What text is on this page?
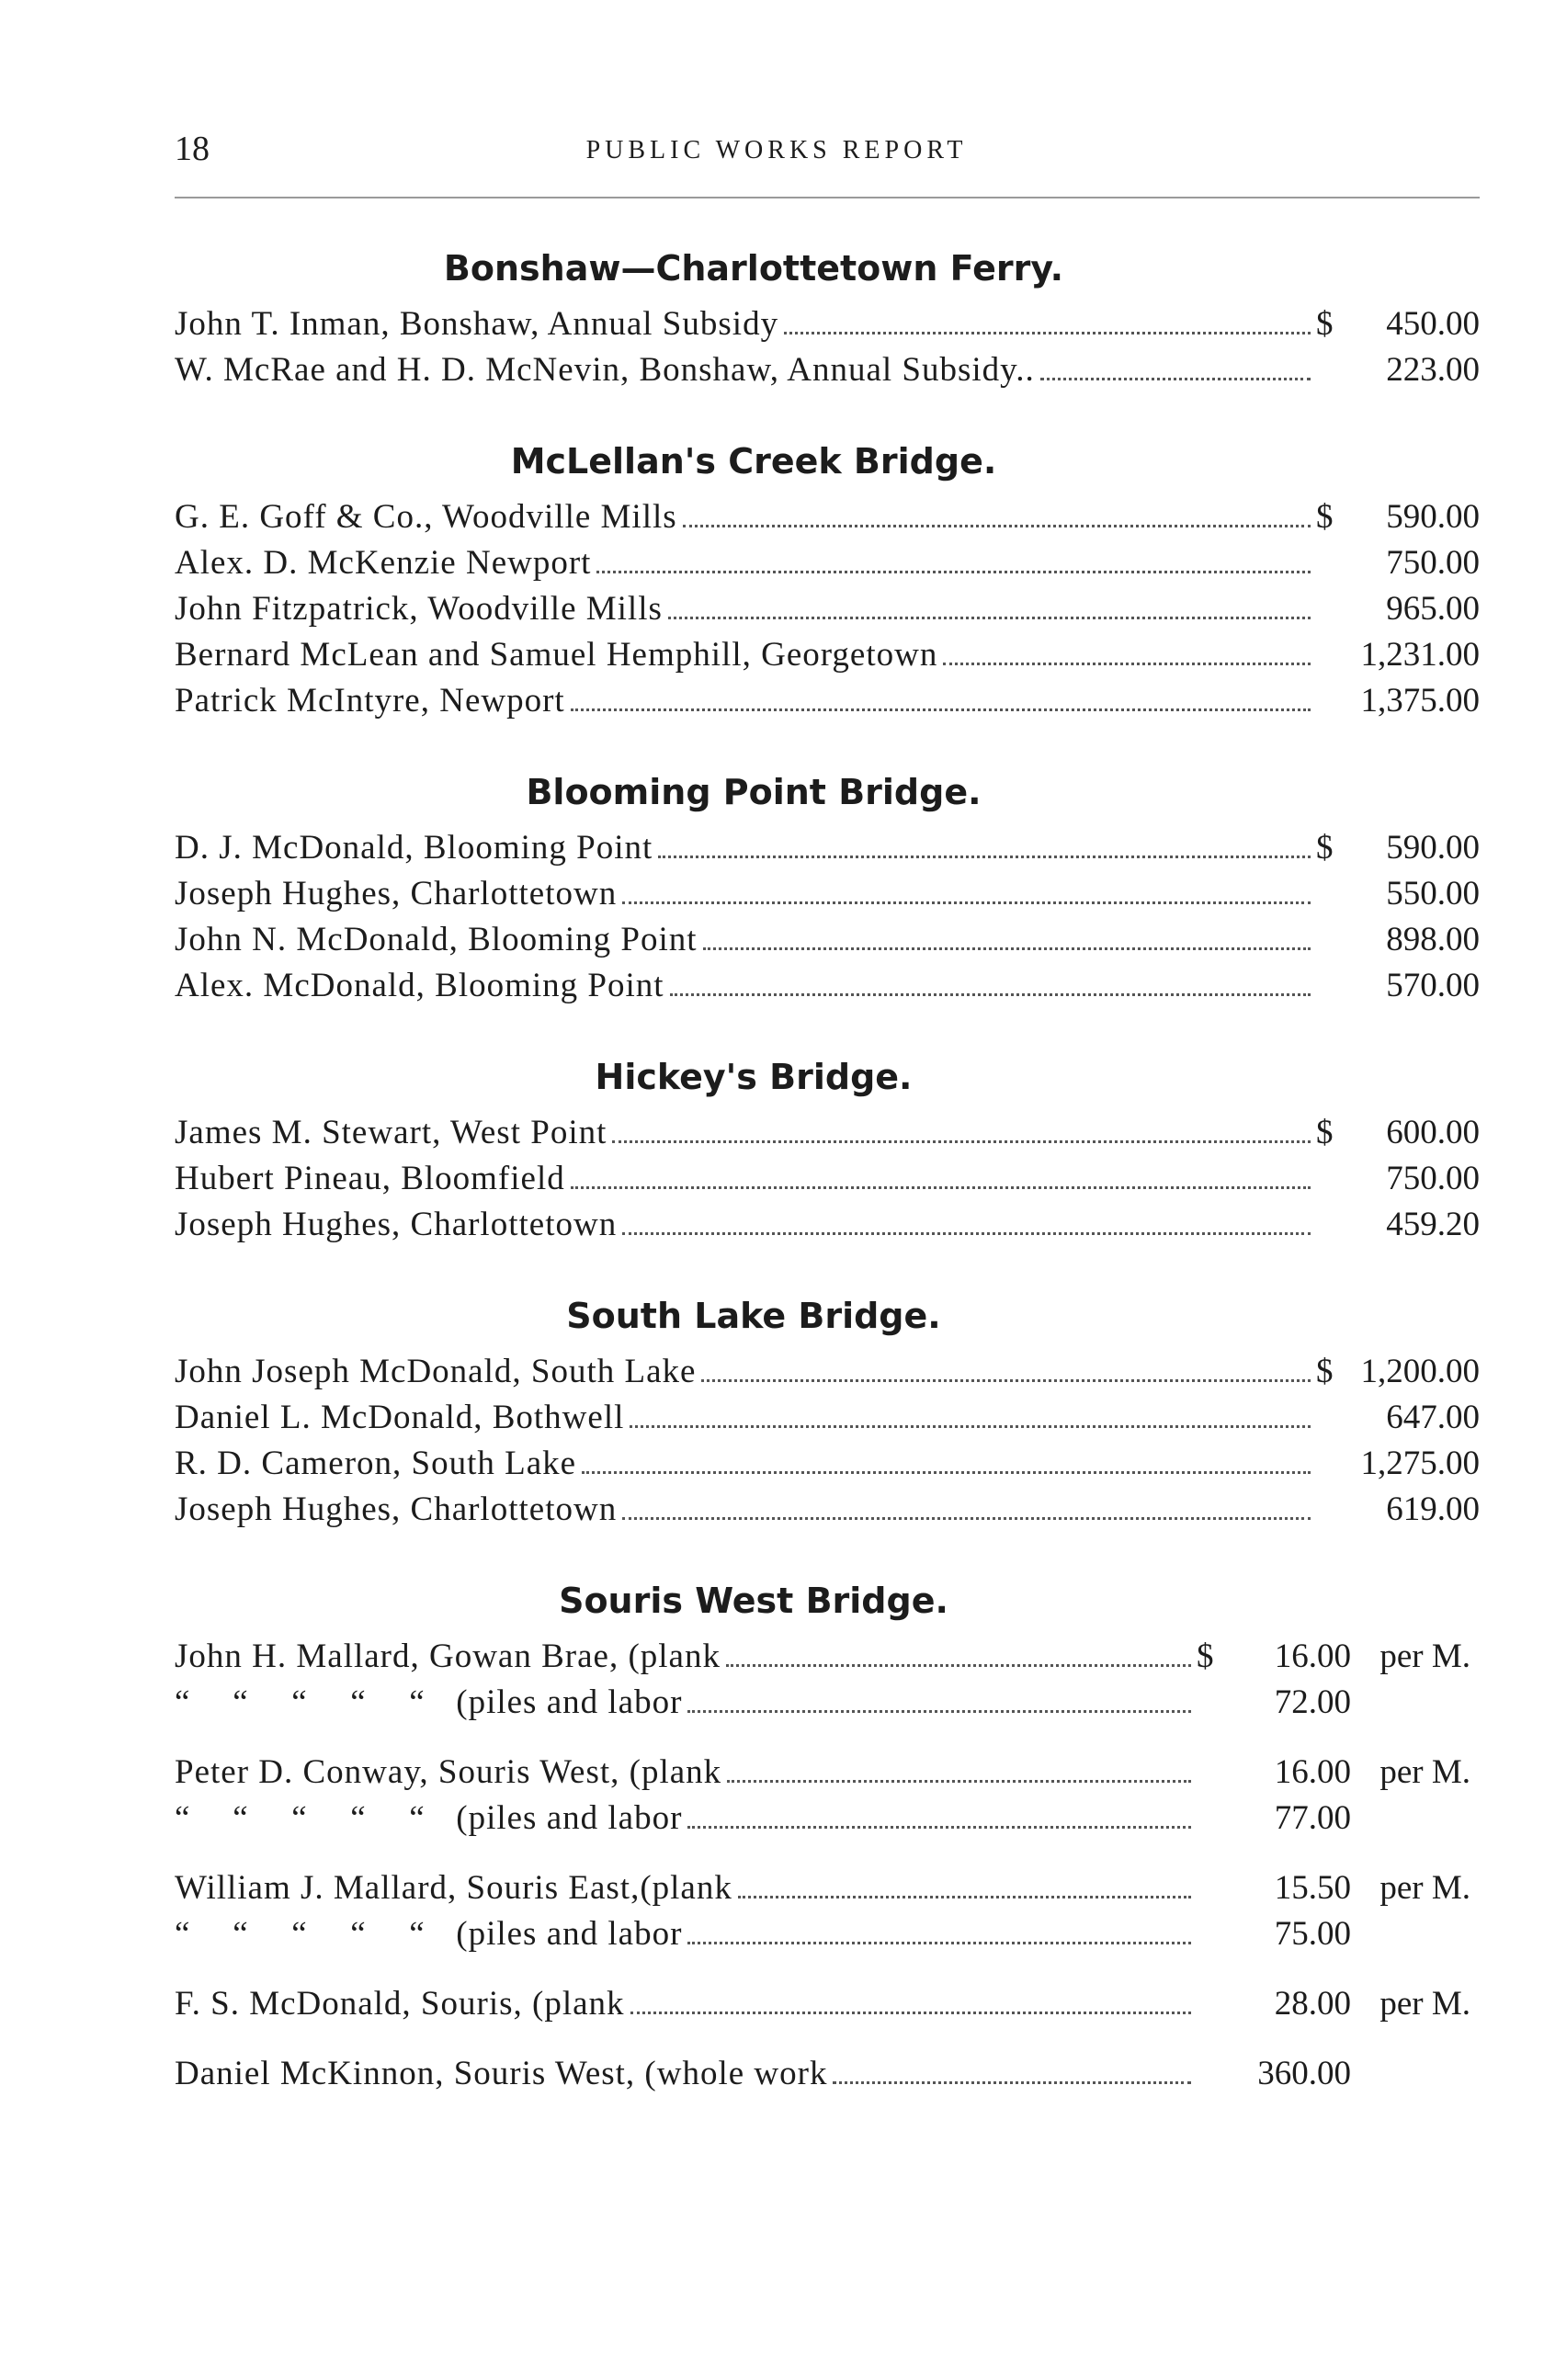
18	PUBLIC WORKS REPORT
Bonshaw—Charlottetown Ferry.
John T. Inman, Bonshaw, Annual Subsidy	$	450.00
W. McRae and H. D. McNevin, Bonshaw, Annual Subsidy..	223.00
McLellan's Creek Bridge.
G. E. Goff & Co., Woodville Mills	$	590.00
Alex. D. McKenzie Newport	750.00
John Fitzpatrick, Woodville Mills	965.00
Bernard McLean and Samuel Hemphill, Georgetown	1,231.00
Patrick McIntyre, Newport	1,375.00
Blooming Point Bridge.
D. J. McDonald, Blooming Point	$	590.00
Joseph Hughes, Charlottetown	550.00
John N. McDonald, Blooming Point	898.00
Alex. McDonald, Blooming Point	570.00
Hickey's Bridge.
James M. Stewart, West Point	$	600.00
Hubert Pineau, Bloomfield	750.00
Joseph Hughes, Charlottetown	459.20
South Lake Bridge.
John Joseph McDonald, South Lake	$ 1,200.00
Daniel L. McDonald, Bothwell	647.00
R. D. Cameron, South Lake	1,275.00
Joseph Hughes, Charlottetown	619.00
Souris West Bridge.
John H. Mallard, Gowan Brae, (plank	$	16.00 per M.
“ “ “ “ “ (piles and labor	72.00
Peter D. Conway, Souris West, (plank	16.00 per M.
“ “ “ “ “ (piles and labor	77.00
William J. Mallard, Souris East,(plank	15.50 per M.
“ “ “ “ “ (piles and labor	75.00
F. S. McDonald, Souris, (plank	28.00 per M.
Daniel McKinnon, Souris West, (whole work	360.00
